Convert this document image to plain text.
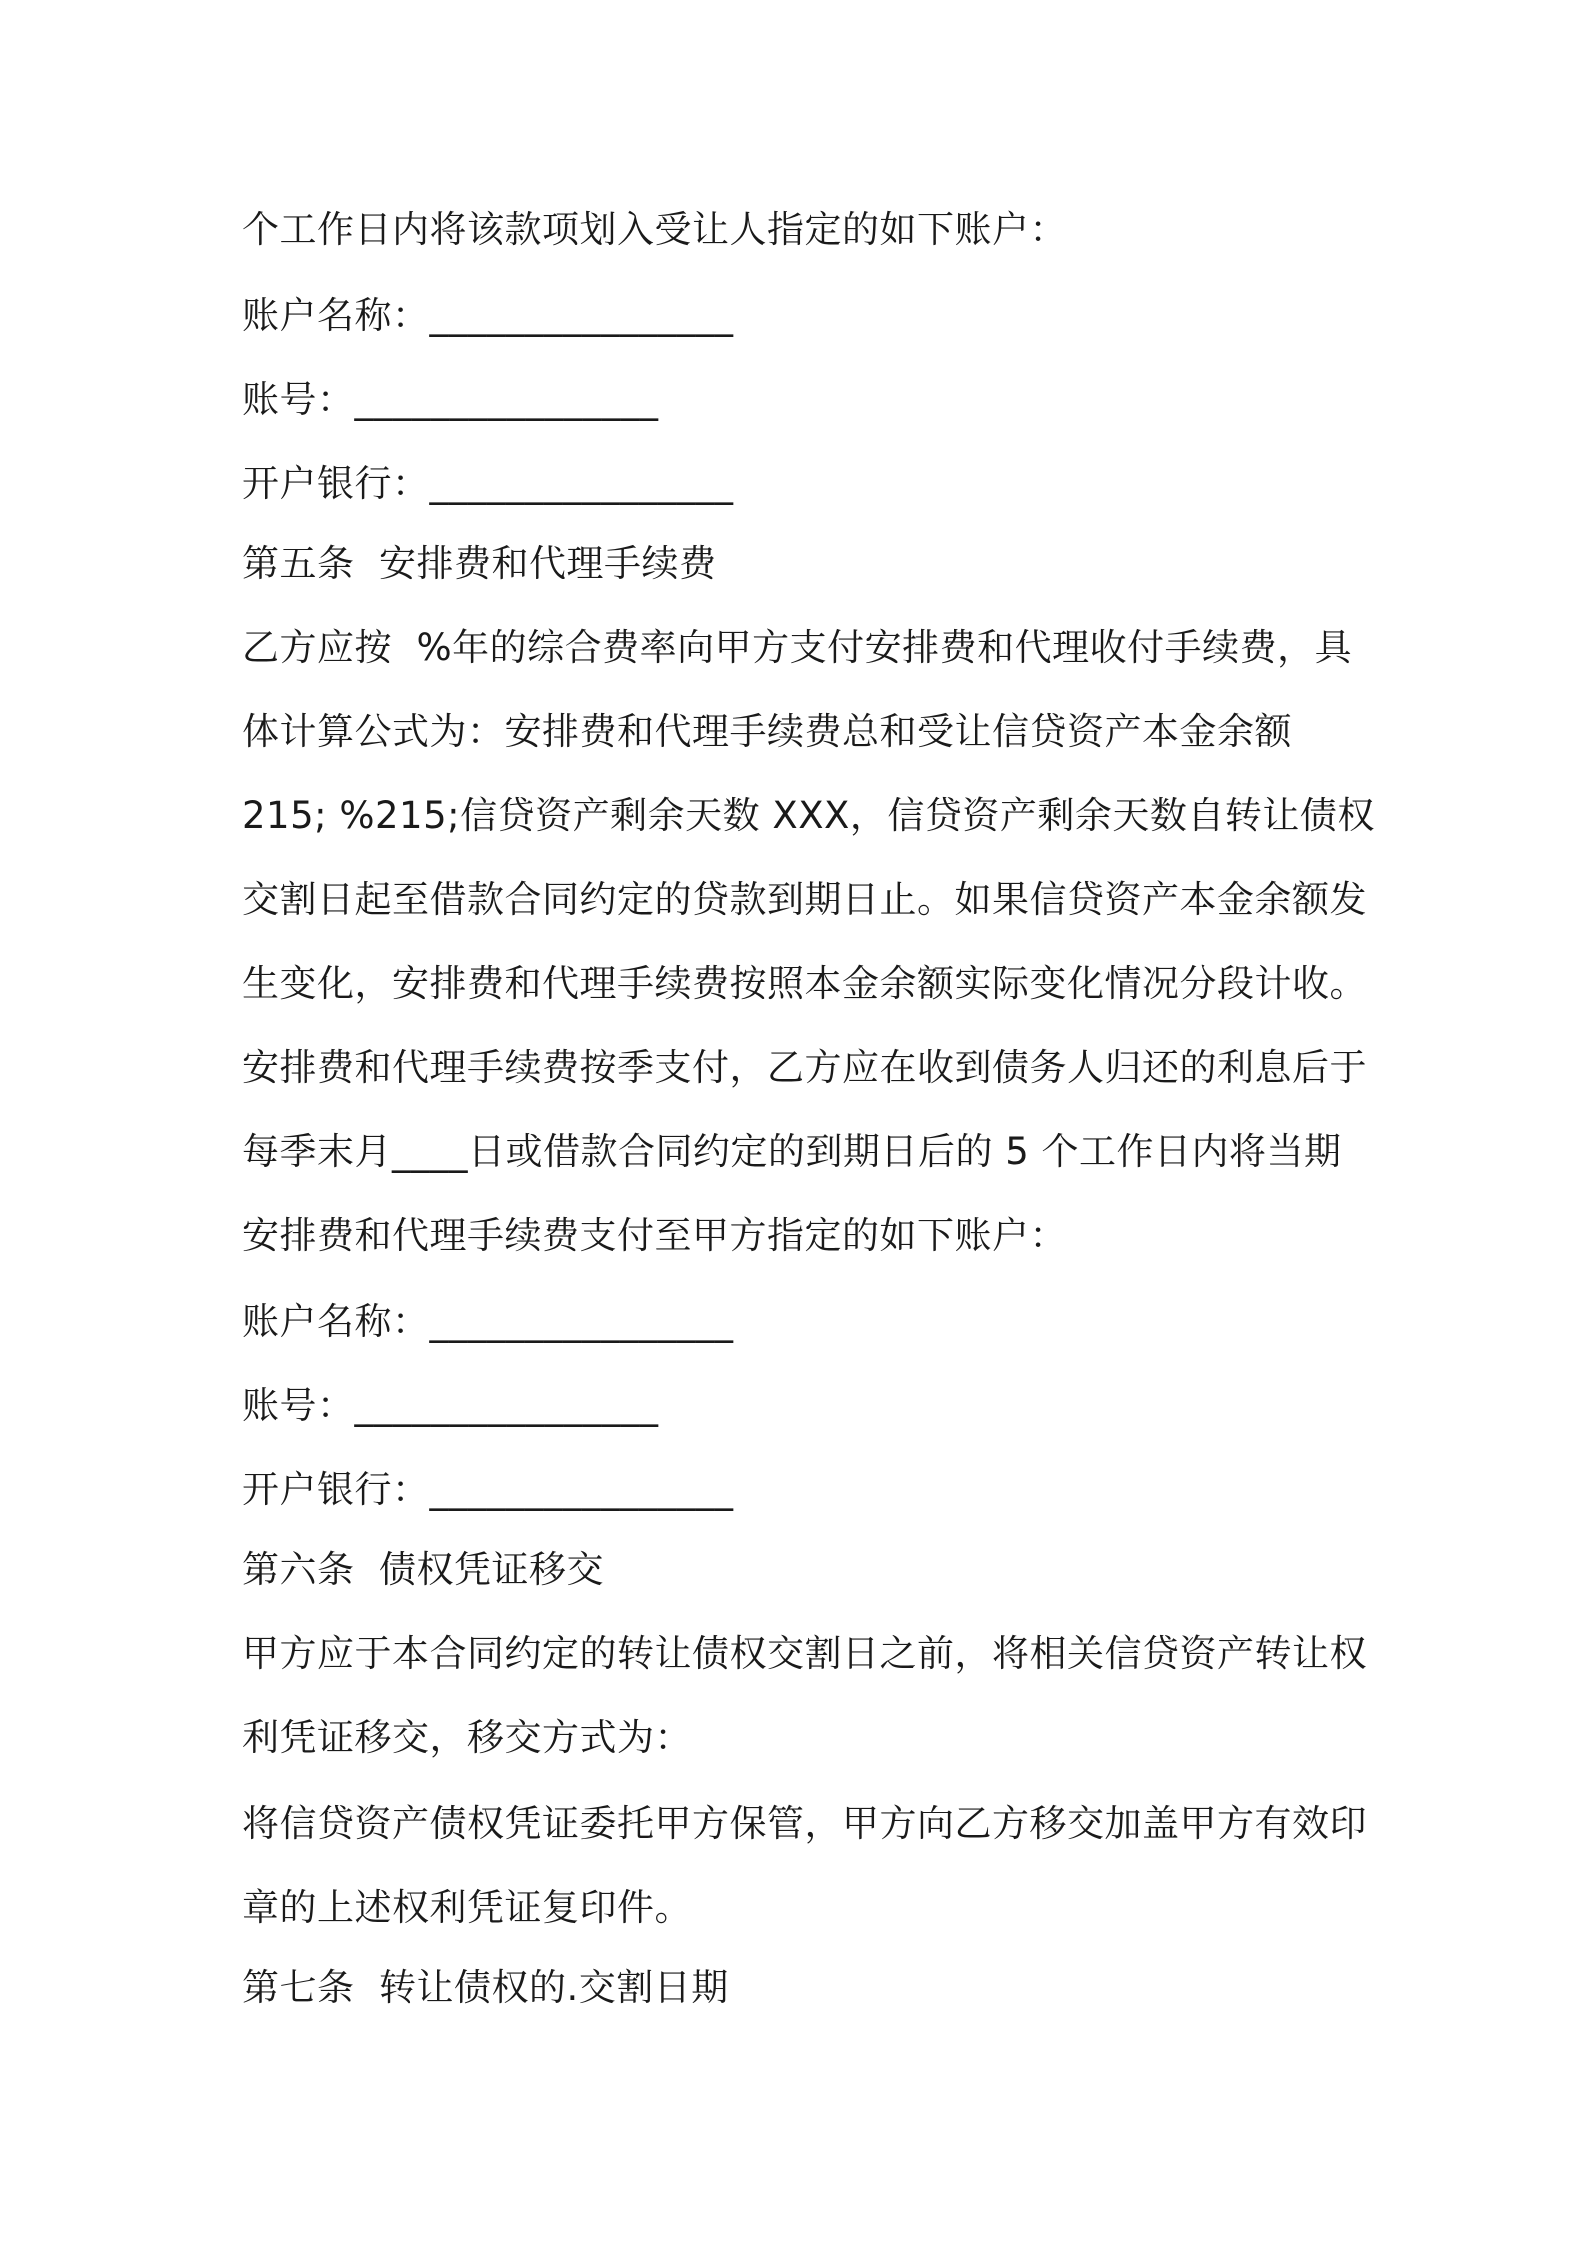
个工作日内将该款项划入受让人指定的如下账户：
账户名称：________________
账号：________________
开户银行：________________
第五条  安排费和代理手续费
乙方应按  %年的综合费率向甲方支付安排费和代理收付手续费，具
体计算公式为：安排费和代理手续费总和受让信贷资产本金余额
215; %215;信贷资产剩余天数 XXX，信贷资产剩余天数自转让债权
交割日起至借款合同约定的贷款到期日止。如果信贷资产本金余额发
生变化，安排费和代理手续费按照本金余额实际变化情况分段计收。
安排费和代理手续费按季支付，乙方应在收到债务人归还的利息后于
每季末月____日或借款合同约定的到期日后的 5 个工作日内将当期
安排费和代理手续费支付至甲方指定的如下账户：
账户名称：________________
账号：________________
开户银行：________________
第六条  债权凭证移交
甲方应于本合同约定的转让债权交割日之前，将相关信贷资产转让权
利凭证移交，移交方式为：
将信贷资产债权凭证委托甲方保管，甲方向乙方移交加盖甲方有效印
章的上述权利凭证复印件。
第七条  转让债权的.交割日期
